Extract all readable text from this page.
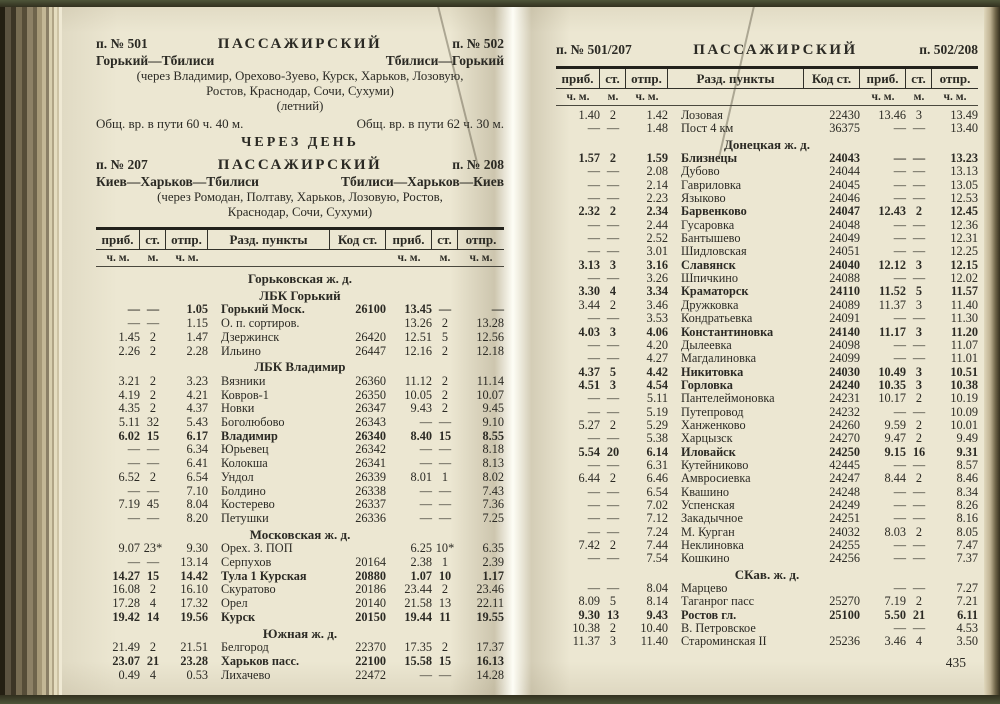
п. № 501	ПАССАЖИРСКИЙ	п. № 502
Горький—Тбилиси	Тбилиси—Горький
(через Владимир, Орехово-Зуево, Курск, Харьков, Лозовую,
Ростов, Краснодар, Сочи, Сухуми)
(летний)
Общ. вр. в пути 60 ч. 40 м.	Общ. вр. в пути 62 ч. 30 м.
ЧЕРЕЗ ДЕНЬ
п. № 207	ПАССАЖИРСКИЙ	п. № 208
Киев—Харьков—Тбилиси	Тбилиси—Харьков—Киев
(через Ромодан, Полтаву, Харьков, Лозовую, Ростов,
Краснодар, Сочи, Сухуми)
приб. ст. отпр.	Разд. пункты	Код ст.	приб. ст.	отпр.
ч. м.	м.	ч. м.	ч. м.	м.	ч. м.
Горьковская ж. д.
ЛБК Горький
— —	1.05	Горький Моск.	26100	13.45 —	—
— —	1.15	О. п. сортиров.	13.26 2	13.28
1.45 2	1.47	Дзержинск	26420	12.51 5	12.56
2.26 2	2.28	Ильино	26447	12.16 2	12.18
ЛБК Владимир
3.21 2	3.23	Вязники	26360	11.12 2	11.14
4.19 2	4.21	Ковров-1	26350	10.05 2	10.07
4.35 2	4.37	Новки	26347	9.43 2	9.45
5.11 32	5.43	Боголюбово	26343	— —	9.10
6.02 15	6.17	Владимир	26340	8.40 15	8.55
— —	6.34	Юрьевец	26342	— —	8.18
— —	6.41	Колокша	26341	— —	8.13
6.52 2	6.54	Ундол	26339	8.01 1	8.02
— —	7.10	Болдино	26338	— —	7.43
7.19 45	8.04	Костерево	26337	— —	7.36
— —	8.20	Петушки	26336	— —	7.25
Московская ж. д.
9.07 23*	9.30	Орех. З. ПОП	6.25 10*	6.35
— —	13.14	Серпухов	20164	2.38 1	2.39
14.27 15	14.42	Тула 1 Курская	20880	1.07 10	1.17
16.08 2	16.10	Скуратово	20186	23.44 2	23.46
17.28 4	17.32	Орел	20140	21.58 13	22.11
19.42 14	19.56	Курск	20150	19.44 11	19.55
Южная ж. д.
21.49 2	21.51	Белгород	22370	17.35 2	17.37
23.07 21	23.28	Харьков пасс.	22100	15.58 15	16.13
0.49 4	0.53	Лихачево	22472	— —	14.28
п. № 501/207	ПАССАЖИРСКИЙ	п. 502/208
приб. ст. отпр.	Разд. пункты	Код ст.	приб. ст.	отпр.
ч. м.	м.	ч. м.	ч. м.	м.	ч. м.
1.40 2	1.42	Лозовая	22430	13.46 3	13.49
— —	1.48	Пост 4 км	36375	— —	13.40
Донецкая ж. д.
1.57 2	1.59	Близнецы	24043	— —	13.23
— —	2.08	Дубово	24044	— —	13.13
— —	2.14	Гавриловка	24045	— —	13.05
— —	2.23	Языково	24046	— —	12.53
2.32 2	2.34	Барвенково	24047	12.43 2	12.45
— —	2.44	Гусаровка	24048	— —	12.36
— —	2.52	Бантышево	24049	— —	12.31
— —	3.01	Шидловская	24051	— —	12.25
3.13 3	3.16	Славянск	24040	12.12 3	12.15
— —	3.26	Шпичкино	24088	— —	12.02
3.30 4	3.34	Краматорск	24110	11.52 5	11.57
3.44 2	3.46	Дружковка	24089	11.37 3	11.40
— —	3.53	Кондратьевка	24091	— —	11.30
4.03 3	4.06	Константиновка	24140	11.17 3	11.20
— —	4.20	Дылеевка	24098	— —	11.07
— —	4.27	Магдалиновка	24099	— —	11.01
4.37 5	4.42	Никитовка	24030	10.49 3	10.51
4.51 3	4.54	Горловка	24240	10.35 3	10.38
— —	5.11	Пантелеймоновка	24231	10.17 2	10.19
— —	5.19	Путепровод	24232	— —	10.09
5.27 2	5.29	Ханженково	24260	9.59 2	10.01
— —	5.38	Харцызск	24270	9.47 2	9.49
5.54 20	6.14	Иловайск	24250	9.15 16	9.31
— —	6.31	Кутейниково	42445	— —	8.57
6.44 2	6.46	Амвросиевка	24247	8.44 2	8.46
— —	6.54	Квашино	24248	— —	8.34
— —	7.02	Успенская	24249	— —	8.26
— —	7.12	Закадычное	24251	— —	8.16
— —	7.24	М. Курган	24032	8.03 2	8.05
7.42 2	7.44	Неклиновка	24255	— —	7.47
— —	7.54	Кошкино	24256	— —	7.37
СКав. ж. д.
— —	8.04	Марцево	— —	7.27
8.09 5	8.14	Таганрог пасс	25270	7.19 2	7.21
9.30 13	9.43	Ростов гл.	25100	5.50 21	6.11
10.38 2	10.40	В. Петровское	— —	4.53
11.37 3	11.40	Староминская II	25236	3.46 4	3.50
435
